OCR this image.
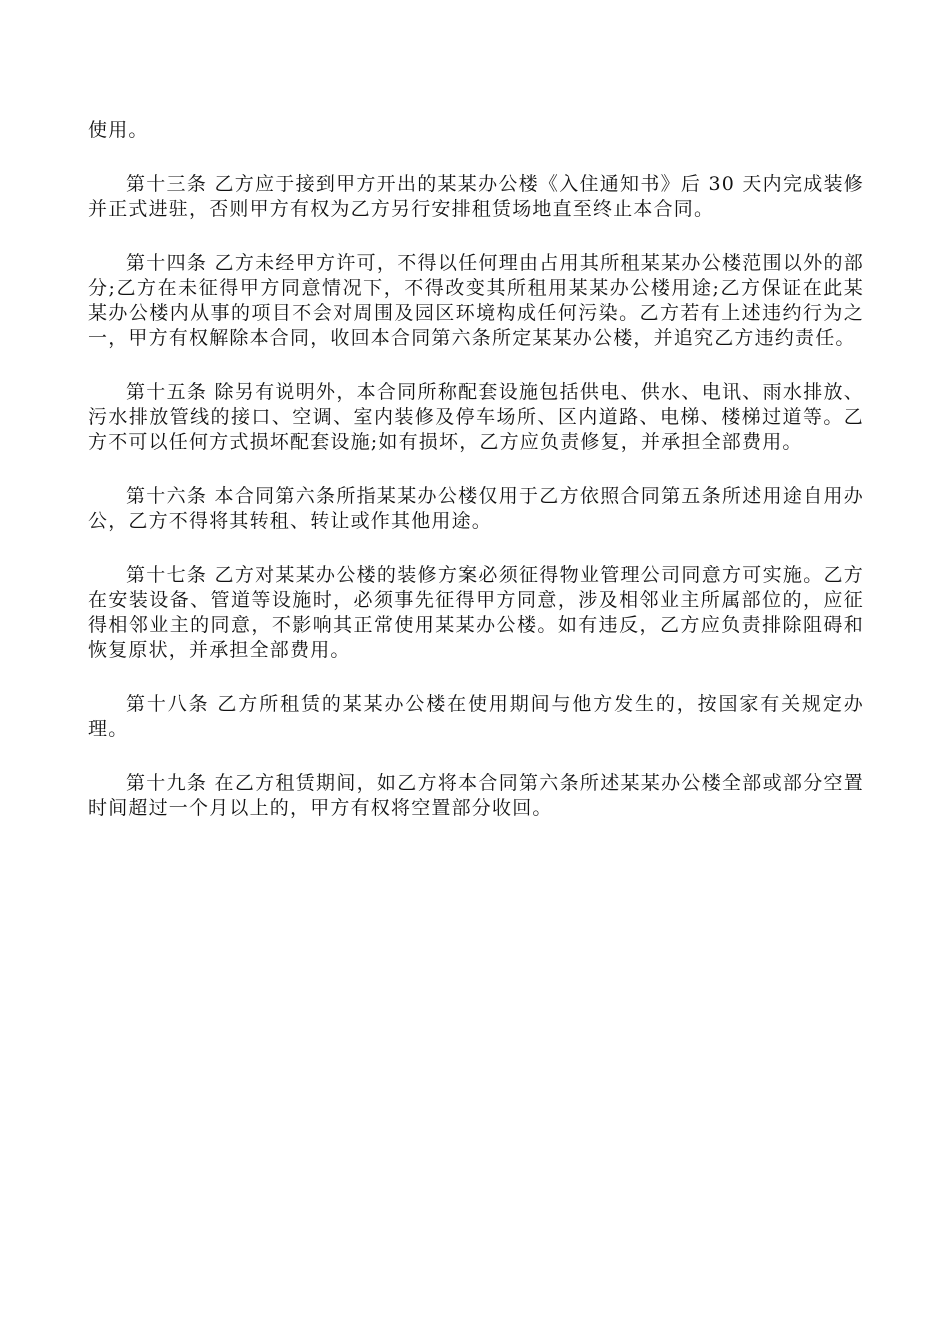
使用。

第十三条 乙方应于接到甲方开出的某某办公楼《入住通知书》后 30 天内完成装修并正式进驻，否则甲方有权为乙方另行安排租赁场地直至终止本合同。

第十四条 乙方未经甲方许可，不得以任何理由占用其所租某某办公楼范围以外的部分;乙方在未征得甲方同意情况下，不得改变其所租用某某办公楼用途;乙方保证在此某某办公楼内从事的项目不会对周围及园区环境构成任何污染。乙方若有上述违约行为之一，甲方有权解除本合同，收回本合同第六条所定某某办公楼，并追究乙方违约责任。

第十五条 除另有说明外，本合同所称配套设施包括供电、供水、电讯、雨水排放、污水排放管线的接口、空调、室内装修及停车场所、区内道路、电梯、楼梯过道等。乙方不可以任何方式损坏配套设施;如有损坏，乙方应负责修复，并承担全部费用。

第十六条 本合同第六条所指某某办公楼仅用于乙方依照合同第五条所述用途自用办公，乙方不得将其转租、转让或作其他用途。

第十七条 乙方对某某办公楼的装修方案必须征得物业管理公司同意方可实施。乙方在安装设备、管道等设施时，必须事先征得甲方同意，涉及相邻业主所属部位的，应征得相邻业主的同意，不影响其正常使用某某办公楼。如有违反，乙方应负责排除阻碍和恢复原状，并承担全部费用。

第十八条 乙方所租赁的某某办公楼在使用期间与他方发生的，按国家有关规定办理。

第十九条 在乙方租赁期间，如乙方将本合同第六条所述某某办公楼全部或部分空置时间超过一个月以上的，甲方有权将空置部分收回。
